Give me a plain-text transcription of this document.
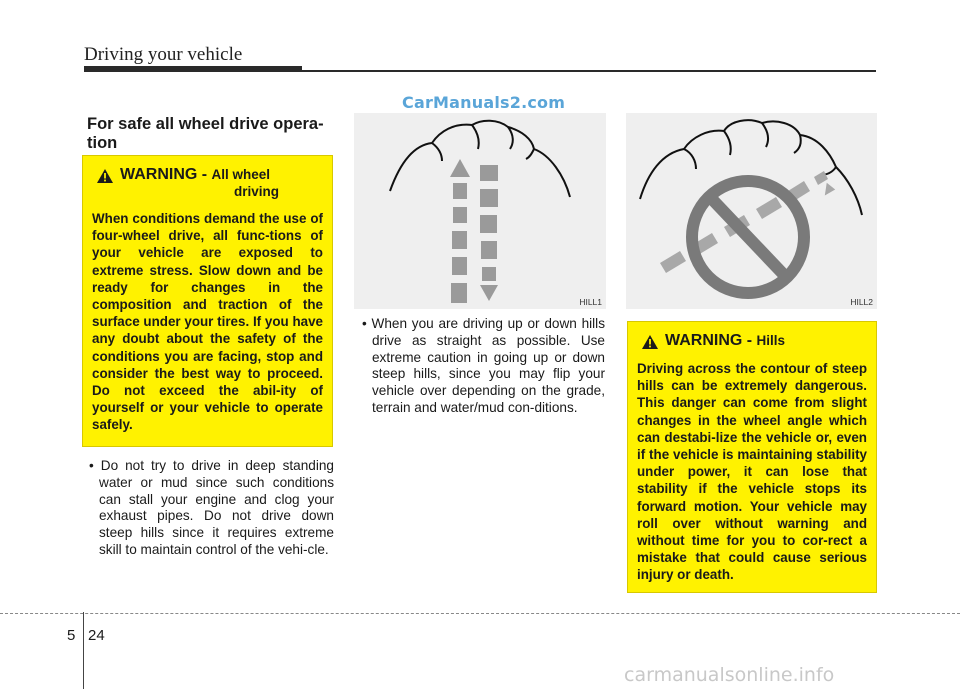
Driving your vehicle
CarManuals2.com
For safe all wheel drive opera-tion
WARNING - All wheel
driving
When conditions demand the use of four-wheel drive, all func-tions of your vehicle are exposed to extreme stress. Slow down and be ready for changes in the composition and traction of the surface under your tires. If you have any doubt about the safety of the conditions you are facing, stop and consider the best way to proceed. Do not exceed the abil-ity of yourself or your vehicle to operate safely.
• Do not try to drive in deep standing water or mud since such conditions can stall your engine and clog your exhaust pipes. Do not drive down steep hills since it requires extreme skill to maintain control of the vehi-cle.
HILL1	HILL2
• When you are driving up or down hills drive as straight as possible. Use extreme caution in going up or down steep hills, since you may flip your vehicle over depending on the grade, terrain and water/mud con-ditions.
WARNING - Hills
Driving across the contour of steep hills can be extremely dangerous. This danger can come from slight changes in the wheel angle which can destabi-lize the vehicle or, even if the vehicle is maintaining stability under power, it can lose that stability if the vehicle stops its forward motion. Your vehicle may roll over without warning and without time for you to cor-rect a mistake that could cause serious injury or death.
5 24
carmanualsonline.info
